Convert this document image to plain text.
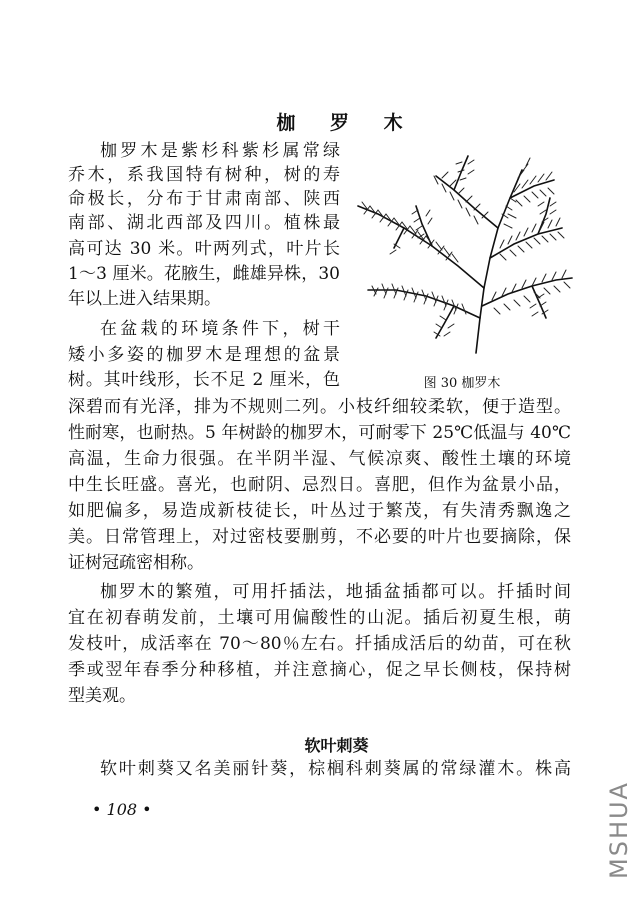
枷 罗 木
枷罗木是紫杉科紫杉属常绿
乔木，系我国特有树种，树的寿
命极长，分布于甘肃南部、陕西
南部、湖北西部及四川。植株最
高可达 30 米。叶两列式，叶片长
1～3 厘米。花腋生，雌雄异株，30
年以上进入结果期。
在盆栽的环境条件下，树干
矮小多姿的枷罗木是理想的盆景
树。其叶线形，长不足 2 厘米，色
深碧而有光泽，排为不规则二列。小枝纤细较柔软，便于造型。
性耐寒，也耐热。5 年树龄的枷罗木，可耐零下 25℃低温与 40℃
高温，生命力很强。在半阴半湿、气候凉爽、酸性土壤的环境
中生长旺盛。喜光，也耐阴、忌烈日。喜肥，但作为盆景小品，
如肥偏多，易造成新枝徒长，叶丛过于繁茂，有失清秀飘逸之
美。日常管理上，对过密枝要删剪，不必要的叶片也要摘除，保
证树冠疏密相称。
枷罗木的繁殖，可用扦插法，地插盆插都可以。扦插时间
宜在初春萌发前，土壤可用偏酸性的山泥。插后初夏生根，萌
发枝叶，成活率在 70～80％左右。扦插成活后的幼苗，可在秋
季或翌年春季分种移植，并注意摘心，促之早长侧枝，保持树
型美观。
图 30 枷罗木
软叶刺葵
软叶刺葵又名美丽针葵，棕榈科刺葵属的常绿灌木。株高
• 108 •	MSHUA
